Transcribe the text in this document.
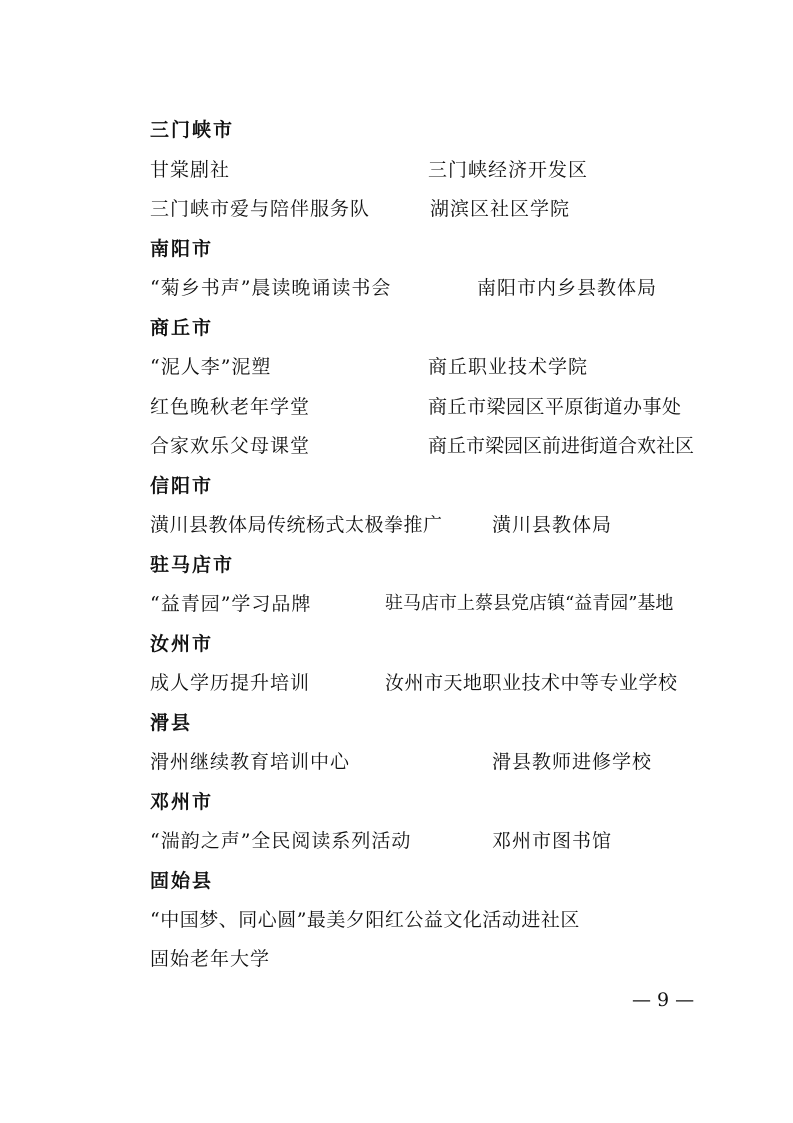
三门峡市
甘棠剧社	三门峡经济开发区
三门峡市爱与陪伴服务队	湖滨区社区学院
南阳市
“菊乡书声”晨读晚诵读书会	南阳市内乡县教体局
商丘市
“泥人李”泥塑	商丘职业技术学院
红色晚秋老年学堂	商丘市梁园区平原街道办事处
合家欢乐父母课堂	商丘市梁园区前进街道合欢社区
信阳市
潢川县教体局传统杨式太极拳推广	潢川县教体局
驻马店市
“益青园”学习品牌	驻马店市上蔡县党店镇“益青园”基地
汝州市
成人学历提升培训	汝州市天地职业技术中等专业学校
滑县
滑州继续教育培训中心	滑县教师进修学校
邓州市
“湍韵之声”全民阅读系列活动	邓州市图书馆
固始县
“中国梦、同心圆”最美夕阳红公益文化活动进社区
固始老年大学
— 9 —
